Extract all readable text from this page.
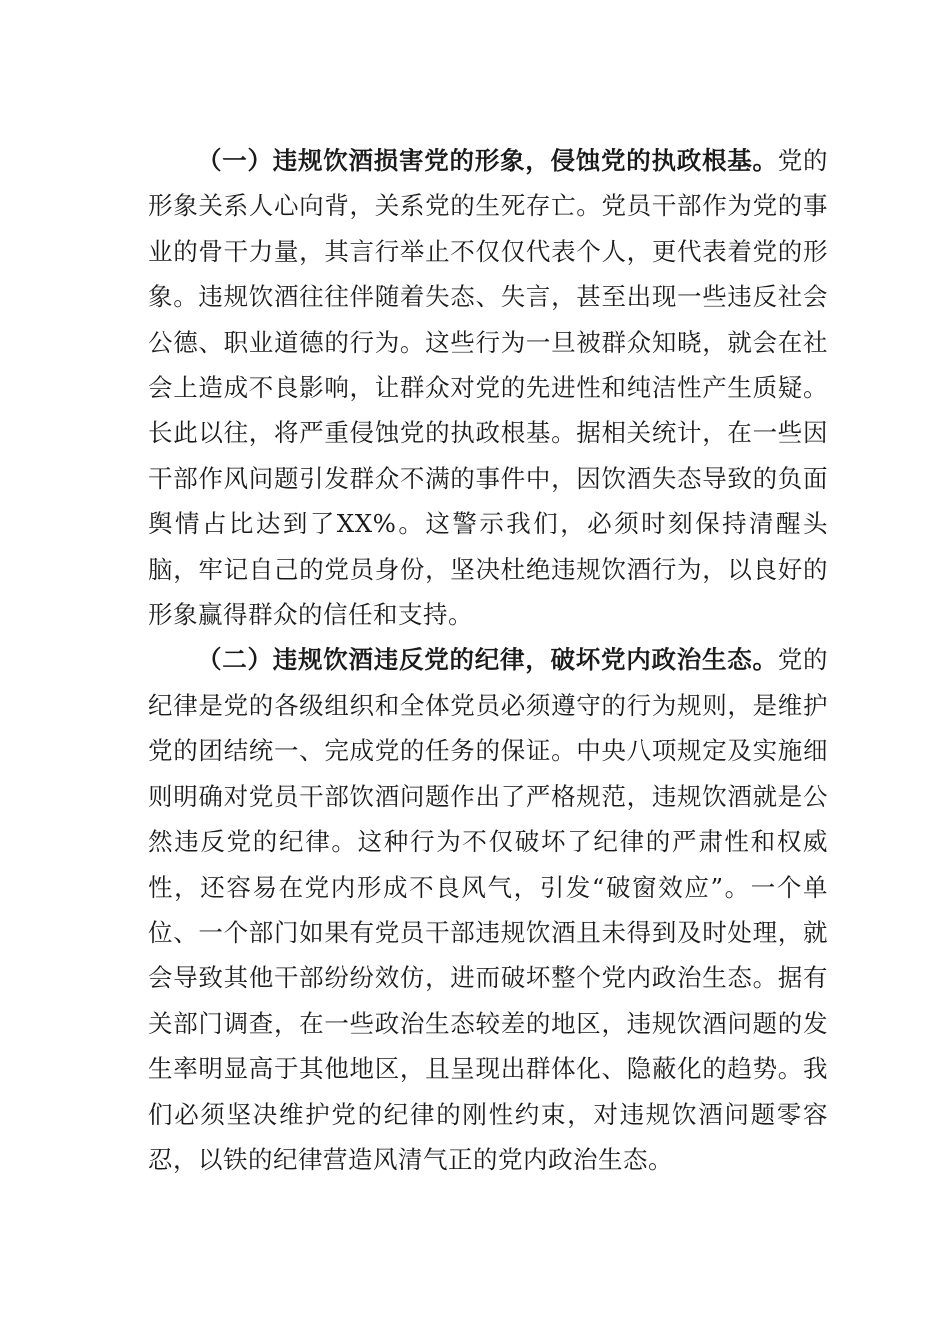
（一）违规饮酒损害党的形象，侵蚀党的执政根基。党的形象关系人心向背，关系党的生死存亡。党员干部作为党的事业的骨干力量，其言行举止不仅仅代表个人，更代表着党的形象。违规饮酒往往伴随着失态、失言，甚至出现一些违反社会公德、职业道德的行为。这些行为一旦被群众知晓，就会在社会上造成不良影响，让群众对党的先进性和纯洁性产生质疑。长此以往，将严重侵蚀党的执政根基。据相关统计，在一些因干部作风问题引发群众不满的事件中，因饮酒失态导致的负面舆情占比达到了XX%。这警示我们，必须时刻保持清醒头脑，牢记自己的党员身份，坚决杜绝违规饮酒行为，以良好的形象赢得群众的信任和支持。

（二）违规饮酒违反党的纪律，破坏党内政治生态。党的纪律是党的各级组织和全体党员必须遵守的行为规则，是维护党的团结统一、完成党的任务的保证。中央八项规定及实施细则明确对党员干部饮酒问题作出了严格规范，违规饮酒就是公然违反党的纪律。这种行为不仅破坏了纪律的严肃性和权威性，还容易在党内形成不良风气，引发“破窗效应”。一个单位、一个部门如果有党员干部违规饮酒且未得到及时处理，就会导致其他干部纷纷效仿，进而破坏整个党内政治生态。据有关部门调查，在一些政治生态较差的地区，违规饮酒问题的发生率明显高于其他地区，且呈现出群体化、隐蔽化的趋势。我们必须坚决维护党的纪律的刚性约束，对违规饮酒问题零容忍，以铁的纪律营造风清气正的党内政治生态。
